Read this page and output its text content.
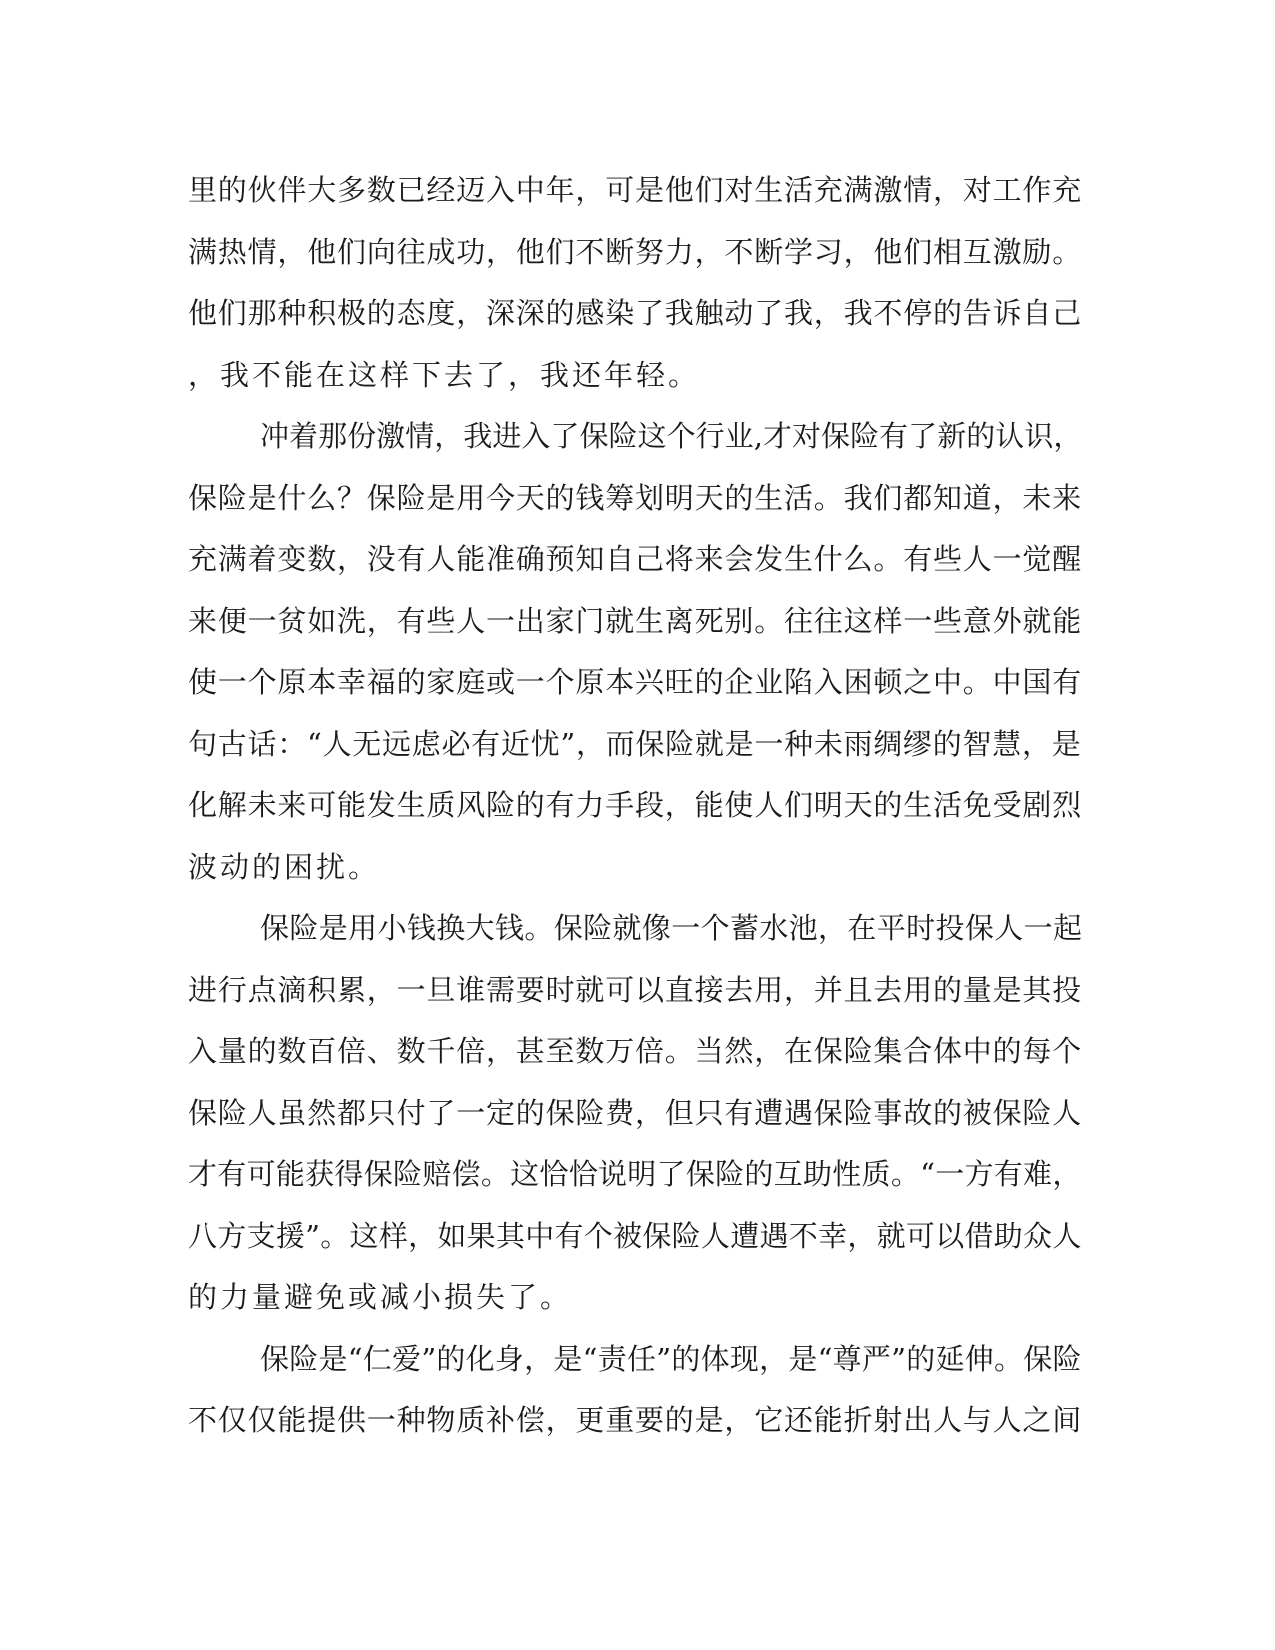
里的伙伴大多数已经迈入中年，可是他们对生活充满激情，对工作充
满热情，他们向往成功，他们不断努力，不断学习，他们相互激励。
他们那种积极的态度，深深的感染了我触动了我，我不停的告诉自己
，我不能在这样下去了，我还年轻。
冲着那份激情，我进入了保险这个行业,才对保险有了新的认识，
保险是什么？保险是用今天的钱筹划明天的生活。我们都知道，未来
充满着变数，没有人能准确预知自己将来会发生什么。有些人一觉醒
来便一贫如洗，有些人一出家门就生离死别。往往这样一些意外就能
使一个原本幸福的家庭或一个原本兴旺的企业陷入困顿之中。中国有
句古话：“人无远虑必有近忧”，而保险就是一种未雨绸缪的智慧，是
化解未来可能发生质风险的有力手段，能使人们明天的生活免受剧烈
波动的困扰。
保险是用小钱换大钱。保险就像一个蓄水池，在平时投保人一起
进行点滴积累，一旦谁需要时就可以直接去用，并且去用的量是其投
入量的数百倍、数千倍，甚至数万倍。当然，在保险集合体中的每个
保险人虽然都只付了一定的保险费，但只有遭遇保险事故的被保险人
才有可能获得保险赔偿。这恰恰说明了保险的互助性质。“一方有难，
八方支援”。这样，如果其中有个被保险人遭遇不幸，就可以借助众人
的力量避免或减小损失了。
保险是“仁爱”的化身，是“责任”的体现，是“尊严”的延伸。保险
不仅仅能提供一种物质补偿，更重要的是，它还能折射出人与人之间
